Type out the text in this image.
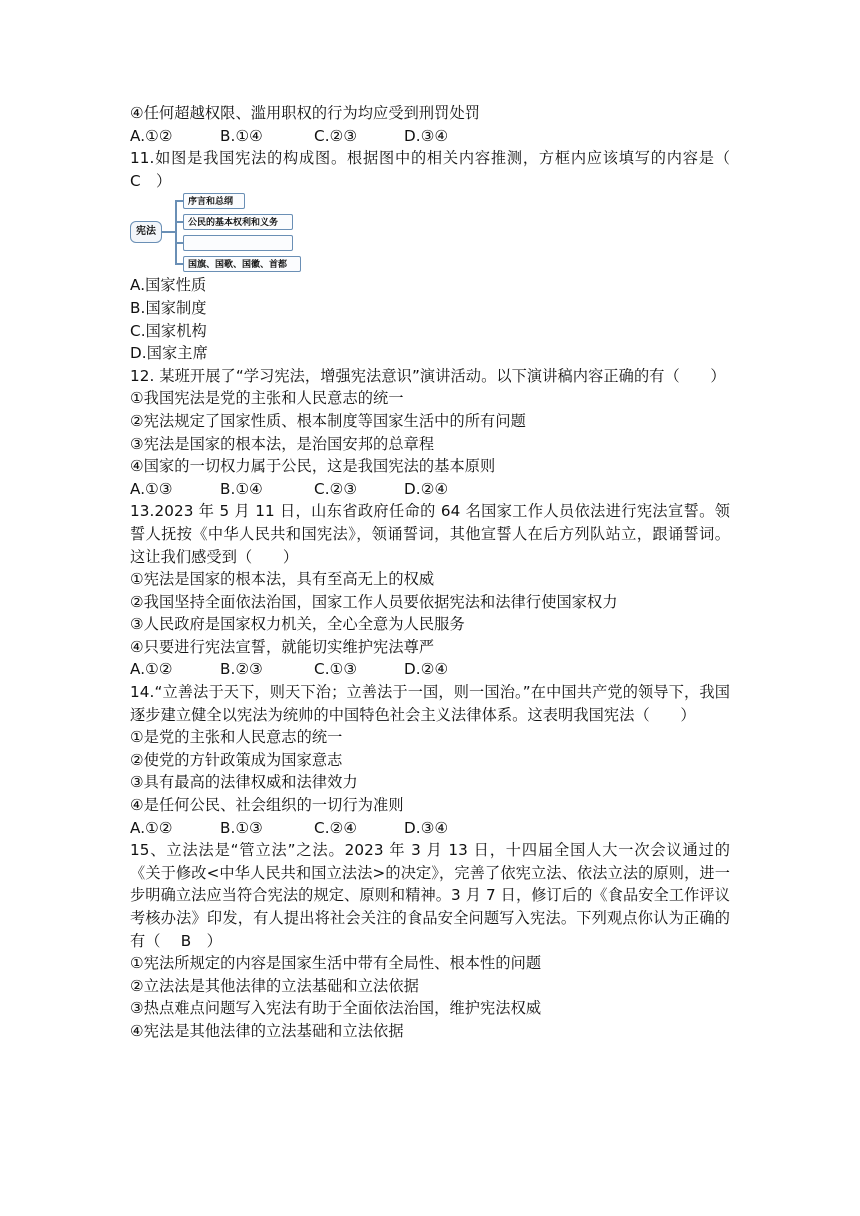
④任何超越权限、滥用职权的行为均应受到刑罚处罚
A.①②	B.①④	C.②③	D.③④
11.如图是我国宪法的构成图。根据图中的相关内容推测，方框内应该填写的内容是（　 C　）
宪法
序言和总纲
公民的基本权利和义务
国旗、国歌、国徽、首都
A.国家性质
B.国家制度
C.国家机构
D.国家主席
12. 某班开展了“学习宪法，增强宪法意识”演讲活动。以下演讲稿内容正确的有（　　）
①我国宪法是党的主张和人民意志的统一
②宪法规定了国家性质、根本制度等国家生活中的所有问题
③宪法是国家的根本法，是治国安邦的总章程
④国家的一切权力属于公民，这是我国宪法的基本原则
A.①③	B.①④	C.②③	D.②④
13.2023 年 5 月 11 日，山东省政府任命的 64 名国家工作人员依法进行宪法宣誓。领誓人抚按《中华人民共和国宪法》，领诵誓词，其他宣誓人在后方列队站立，跟诵誓词。这让我们感受到（　　）
①宪法是国家的根本法，具有至高无上的权威
②我国坚持全面依法治国，国家工作人员要依据宪法和法律行使国家权力
③人民政府是国家权力机关，全心全意为人民服务
④只要进行宪法宣誓，就能切实维护宪法尊严
A.①②	B.②③	C.①③	D.②④
14.“立善法于天下，则天下治；立善法于一国，则一国治。”在中国共产党的领导下，我国逐步建立健全以宪法为统帅的中国特色社会主义法律体系。这表明我国宪法（　　）
①是党的主张和人民意志的统一
②使党的方针政策成为国家意志
③具有最高的法律权威和法律效力
④是任何公民、社会组织的一切行为准则
A.①②	B.①③	C.②④	D.③④
15、立法法是“管立法”之法。2023 年 3 月 13 日，十四届全国人大一次会议通过的《关于修改<中华人民共和国立法法>的决定》，完善了依宪立法、依法立法的原则，进一步明确立法应当符合宪法的规定、原则和精神。3 月 7 日，修订后的《食品安全工作评议考核办法》印发，有人提出将社会关注的食品安全问题写入宪法。下列观点你认为正确的有（　 B　）
①宪法所规定的内容是国家生活中带有全局性、根本性的问题
②立法法是其他法律的立法基础和立法依据
③热点难点问题写入宪法有助于全面依法治国，维护宪法权威
④宪法是其他法律的立法基础和立法依据
